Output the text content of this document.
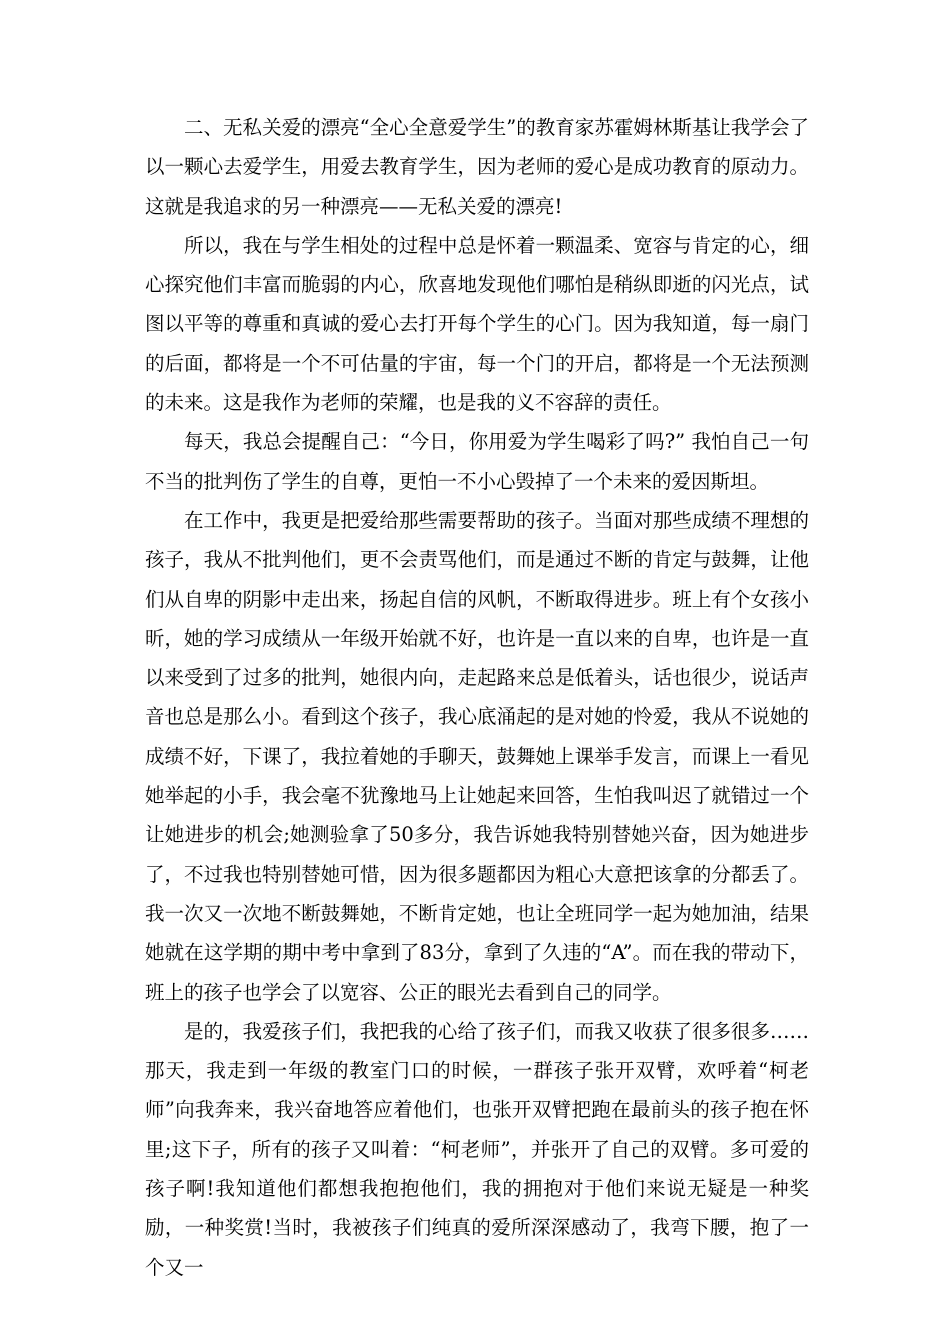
二、无私关爱的漂亮“全心全意爱学生”的教育家苏霍姆林斯基让我学会了以一颗心去爱学生，用爱去教育学生，因为老师的爱心是成功教育的原动力。这就是我追求的另一种漂亮——无私关爱的漂亮!

所以，我在与学生相处的过程中总是怀着一颗温柔、宽容与肯定的心，细心探究他们丰富而脆弱的内心，欣喜地发现他们哪怕是稍纵即逝的闪光点，试图以平等的尊重和真诚的爱心去打开每个学生的心门。因为我知道，每一扇门的后面，都将是一个不可估量的宇宙，每一个门的开启，都将是一个无法预测的未来。这是我作为老师的荣耀，也是我的义不容辞的责任。

每天，我总会提醒自己：“今日，你用爱为学生喝彩了吗?” 我怕自己一句不当的批判伤了学生的自尊，更怕一不小心毁掉了一个未来的爱因斯坦。

在工作中，我更是把爱给那些需要帮助的孩子。当面对那些成绩不理想的孩子，我从不批判他们，更不会责骂他们，而是通过不断的肯定与鼓舞，让他们从自卑的阴影中走出来，扬起自信的风帆，不断取得进步。班上有个女孩小昕，她的学习成绩从一年级开始就不好，也许是一直以来的自卑，也许是一直以来受到了过多的批判，她很内向，走起路来总是低着头，话也很少，说话声音也总是那么小。看到这个孩子，我心底涌起的是对她的怜爱，我从不说她的成绩不好，下课了，我拉着她的手聊天，鼓舞她上课举手发言，而课上一看见她举起的小手，我会毫不犹豫地马上让她起来回答，生怕我叫迟了就错过一个让她进步的机会;她测验拿了50多分，我告诉她我特别替她兴奋，因为她进步了，不过我也特别替她可惜，因为很多题都因为粗心大意把该拿的分都丢了。我一次又一次地不断鼓舞她，不断肯定她，也让全班同学一起为她加油，结果她就在这学期的期中考中拿到了83分，拿到了久违的“A”。而在我的带动下，班上的孩子也学会了以宽容、公正的眼光去看到自己的同学。

是的，我爱孩子们，我把我的心给了孩子们，而我又收获了很多很多……那天，我走到一年级的教室门口的时候，一群孩子张开双臂，欢呼着“柯老师”向我奔来，我兴奋地答应着他们，也张开双臂把跑在最前头的孩子抱在怀里;这下子，所有的孩子又叫着：“柯老师”，并张开了自己的双臂。多可爱的孩子啊!我知道他们都想我抱抱他们，我的拥抱对于他们来说无疑是一种奖励，一种奖赏!当时，我被孩子们纯真的爱所深深感动了，我弯下腰，抱了一个又一
